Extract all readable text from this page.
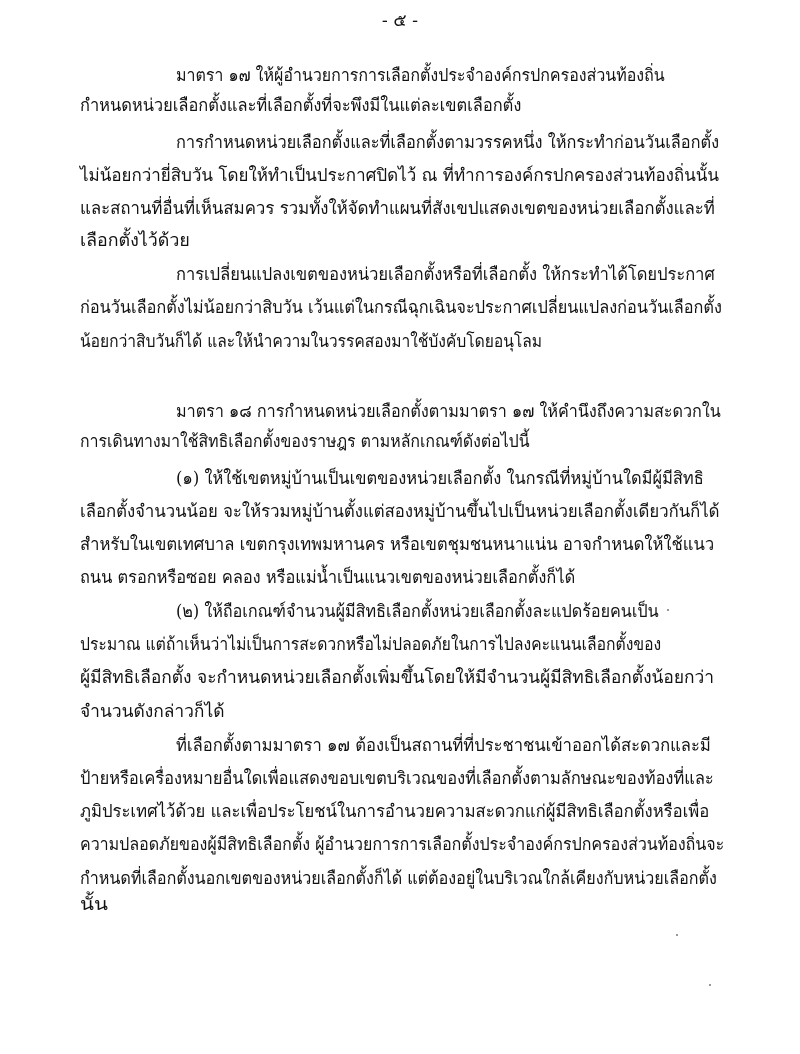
- ๕ -
มาตรา ๑๗ ให้ผู้อำนวยการการเลือกตั้งประจำองค์กรปกครองส่วนท้องถิ่น
กำหนดหน่วยเลือกตั้งและที่เลือกตั้งที่จะพึงมีในแต่ละเขตเลือกตั้ง
การกำหนดหน่วยเลือกตั้งและที่เลือกตั้งตามวรรคหนึ่ง ให้กระทำก่อนวันเลือกตั้ง
ไม่น้อยกว่ายี่สิบวัน โดยให้ทำเป็นประกาศปิดไว้ ณ ที่ทำการองค์กรปกครองส่วนท้องถิ่นนั้น
และสถานที่อื่นที่เห็นสมควร รวมทั้งให้จัดทำแผนที่สังเขปแสดงเขตของหน่วยเลือกตั้งและที่
เลือกตั้งไว้ด้วย
การเปลี่ยนแปลงเขตของหน่วยเลือกตั้งหรือที่เลือกตั้ง ให้กระทำได้โดยประกาศ
ก่อนวันเลือกตั้งไม่น้อยกว่าสิบวัน เว้นแต่ในกรณีฉุกเฉินจะประกาศเปลี่ยนแปลงก่อนวันเลือกตั้ง
น้อยกว่าสิบวันก็ได้ และให้นำความในวรรคสองมาใช้บังคับโดยอนุโลม
มาตรา ๑๘ การกำหนดหน่วยเลือกตั้งตามมาตรา ๑๗ ให้คำนึงถึงความสะดวกใน
การเดินทางมาใช้สิทธิเลือกตั้งของราษฎร ตามหลักเกณฑ์ดังต่อไปนี้
(๑) ให้ใช้เขตหมู่บ้านเป็นเขตของหน่วยเลือกตั้ง ในกรณีที่หมู่บ้านใดมีผู้มีสิทธิ
เลือกตั้งจำนวนน้อย จะให้รวมหมู่บ้านตั้งแต่สองหมู่บ้านขึ้นไปเป็นหน่วยเลือกตั้งเดียวกันก็ได้
สำหรับในเขตเทศบาล เขตกรุงเทพมหานคร หรือเขตชุมชนหนาแน่น อาจกำหนดให้ใช้แนว
ถนน ตรอกหรือซอย คลอง หรือแม่น้ำเป็นแนวเขตของหน่วยเลือกตั้งก็ได้
(๒) ให้ถือเกณฑ์จำนวนผู้มีสิทธิเลือกตั้งหน่วยเลือกตั้งละแปดร้อยคนเป็น
ประมาณ แต่ถ้าเห็นว่าไม่เป็นการสะดวกหรือไม่ปลอดภัยในการไปลงคะแนนเลือกตั้งของ
ผู้มีสิทธิเลือกตั้ง จะกำหนดหน่วยเลือกตั้งเพิ่มขึ้นโดยให้มีจำนวนผู้มีสิทธิเลือกตั้งน้อยกว่า
จำนวนดังกล่าวก็ได้
ที่เลือกตั้งตามมาตรา ๑๗ ต้องเป็นสถานที่ที่ประชาชนเข้าออกได้สะดวกและมี
ป้ายหรือเครื่องหมายอื่นใดเพื่อแสดงขอบเขตบริเวณของที่เลือกตั้งตามลักษณะของท้องที่และ
ภูมิประเทศไว้ด้วย และเพื่อประโยชน์ในการอำนวยความสะดวกแก่ผู้มีสิทธิเลือกตั้งหรือเพื่อ
ความปลอดภัยของผู้มีสิทธิเลือกตั้ง ผู้อำนวยการการเลือกตั้งประจำองค์กรปกครองส่วนท้องถิ่นจะ
กำหนดที่เลือกตั้งนอกเขตของหน่วยเลือกตั้งก็ได้ แต่ต้องอยู่ในบริเวณใกล้เคียงกับหน่วยเลือกตั้ง
นั้น
